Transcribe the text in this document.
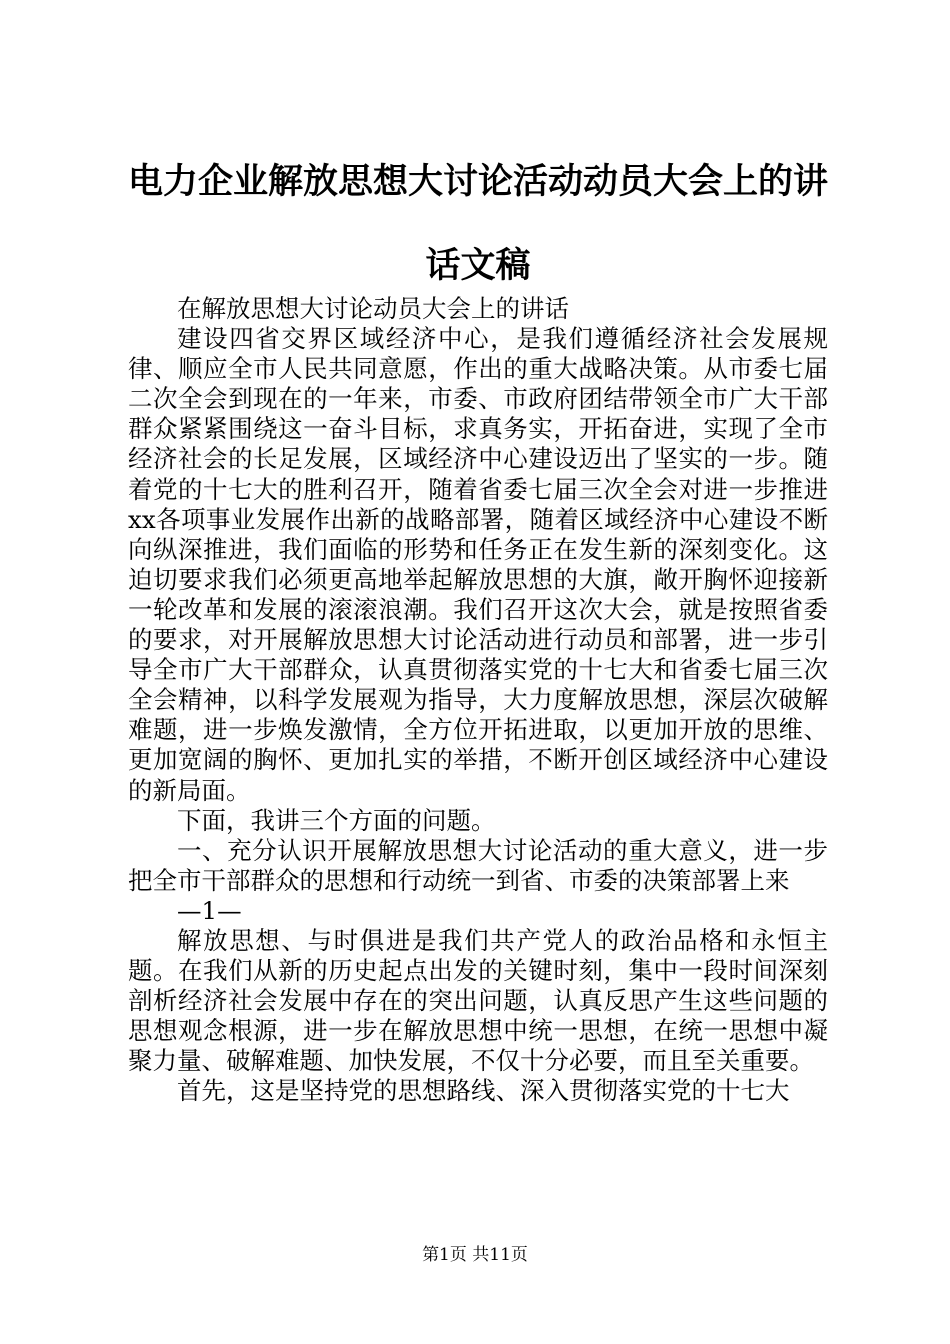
电力企业解放思想大讨论活动动员大会上的讲
话文稿

在解放思想大讨论动员大会上的讲话

建设四省交界区域经济中心，是我们遵循经济社会发展规律、顺应全市人民共同意愿，作出的重大战略决策。从市委七届二次全会到现在的一年来，市委、市政府团结带领全市广大干部群众紧紧围绕这一奋斗目标，求真务实，开拓奋进，实现了全市经济社会的长足发展，区域经济中心建设迈出了坚实的一步。随着党的十七大的胜利召开，随着省委七届三次全会对进一步推进xx各项事业发展作出新的战略部署，随着区域经济中心建设不断向纵深推进，我们面临的形势和任务正在发生新的深刻变化。这迫切要求我们必须更高地举起解放思想的大旗，敞开胸怀迎接新一轮改革和发展的滚滚浪潮。我们召开这次大会，就是按照省委的要求，对开展解放思想大讨论活动进行动员和部署，进一步引导全市广大干部群众，认真贯彻落实党的十七大和省委七届三次全会精神，以科学发展观为指导，大力度解放思想，深层次破解难题，进一步焕发激情，全方位开拓进取，以更加开放的思维、更加宽阔的胸怀、更加扎实的举措，不断开创区域经济中心建设的新局面。

下面，我讲三个方面的问题。

一、充分认识开展解放思想大讨论活动的重大意义，进一步把全市干部群众的思想和行动统一到省、市委的决策部署上来

—1—

解放思想、与时俱进是我们共产党人的政治品格和永恒主题。在我们从新的历史起点出发的关键时刻，集中一段时间深刻剖析经济社会发展中存在的突出问题，认真反思产生这些问题的思想观念根源，进一步在解放思想中统一思想，在统一思想中凝聚力量、破解难题、加快发展，不仅十分必要，而且至关重要。

首先，这是坚持党的思想路线、深入贯彻落实党的十七大

第1页 共11页
